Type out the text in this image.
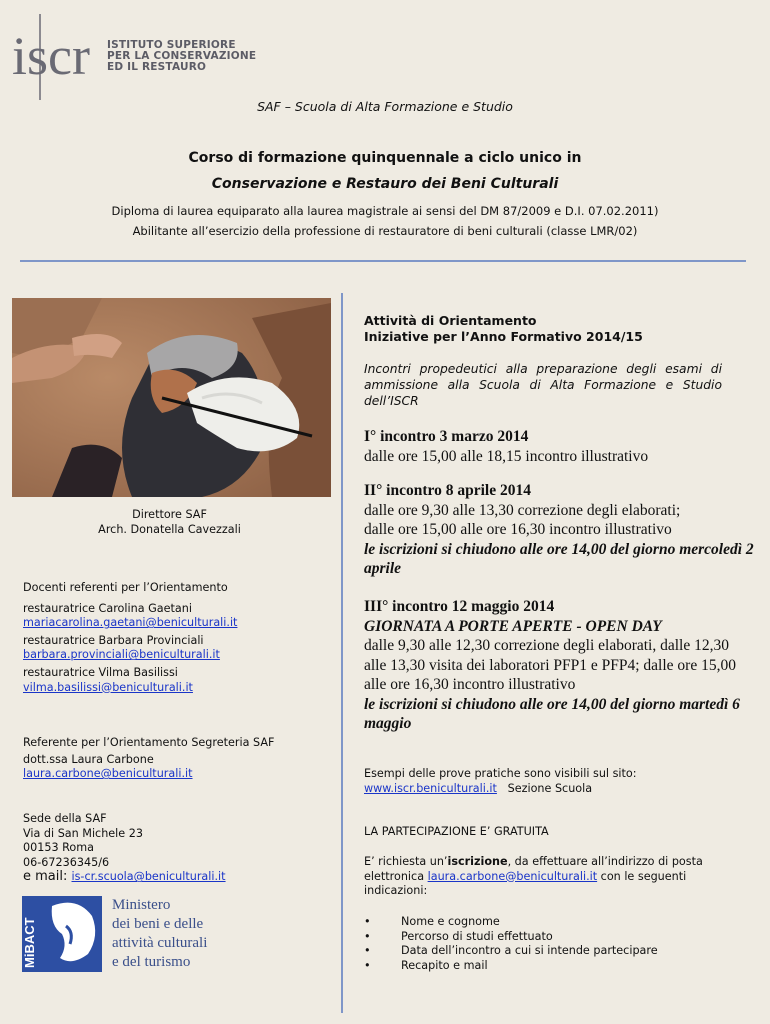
iscr ISTITUTO SUPERIORE
PER LA CONSERVAZIONE
ED IL RESTAURO
SAF – Scuola di Alta Formazione e Studio
Corso di formazione quinquennale a ciclo unico in
Conservazione e Restauro dei Beni Culturali
Diploma di laurea equiparato alla laurea magistrale ai sensi del DM 87/2009 e D.I. 07.02.2011)
Abilitante all’esercizio della professione di restauratore di beni culturali (classe LMR/02)
Direttore SAF
Arch. Donatella Cavezzali
Docenti referenti per l’Orientamento
restauratrice Carolina Gaetani
mariacarolina.gaetani@beniculturali.it
restauratrice Barbara Provinciali
barbara.provinciali@beniculturali.it
restauratrice Vilma Basilissi
vilma.basilissi@beniculturali.it
Referente per l’Orientamento Segreteria SAF
dott.ssa Laura Carbone
laura.carbone@beniculturali.it
Sede della SAF
Via di San Michele 23
00153 Roma
06-67236345/6
e mail: is-cr.scuola@beniculturali.it
MiBACT
Ministero
dei beni e delle
attività culturali
e del turismo
Attività di Orientamento
Iniziative per l’Anno Formativo 2014/15
Incontri propedeutici alla preparazione degli esami di ammissione alla Scuola di Alta Formazione e Studio dell’ISCR
I° incontro 3 marzo 2014
dalle ore 15,00 alle 18,15 incontro illustrativo
II° incontro 8 aprile 2014
dalle ore 9,30 alle 13,30 correzione degli elaborati;
dalle ore 15,00 alle ore 16,30 incontro illustrativo
le iscrizioni si chiudono alle ore 14,00 del giorno mercoledì 2 aprile
III° incontro 12 maggio 2014
GIORNATA A PORTE APERTE - OPEN DAY
dalle 9,30 alle 12,30 correzione degli elaborati, dalle 12,30 alle 13,30 visita dei laboratori PFP1 e PFP4; dalle ore 15,00 alle ore 16,30 incontro illustrativo
le iscrizioni si chiudono alle ore 14,00 del giorno martedì 6 maggio
Esempi delle prove pratiche sono visibili sul sito:
www.iscr.beniculturali.it   Sezione Scuola
LA PARTECIPAZIONE E’ GRATUITA
E’ richiesta un’iscrizione, da effettuare all’indirizzo di posta elettronica laura.carbone@beniculturali.it con le seguenti indicazioni:
• Nome e cognome
• Percorso di studi effettuato
• Data dell’incontro a cui si intende partecipare
• Recapito e mail
